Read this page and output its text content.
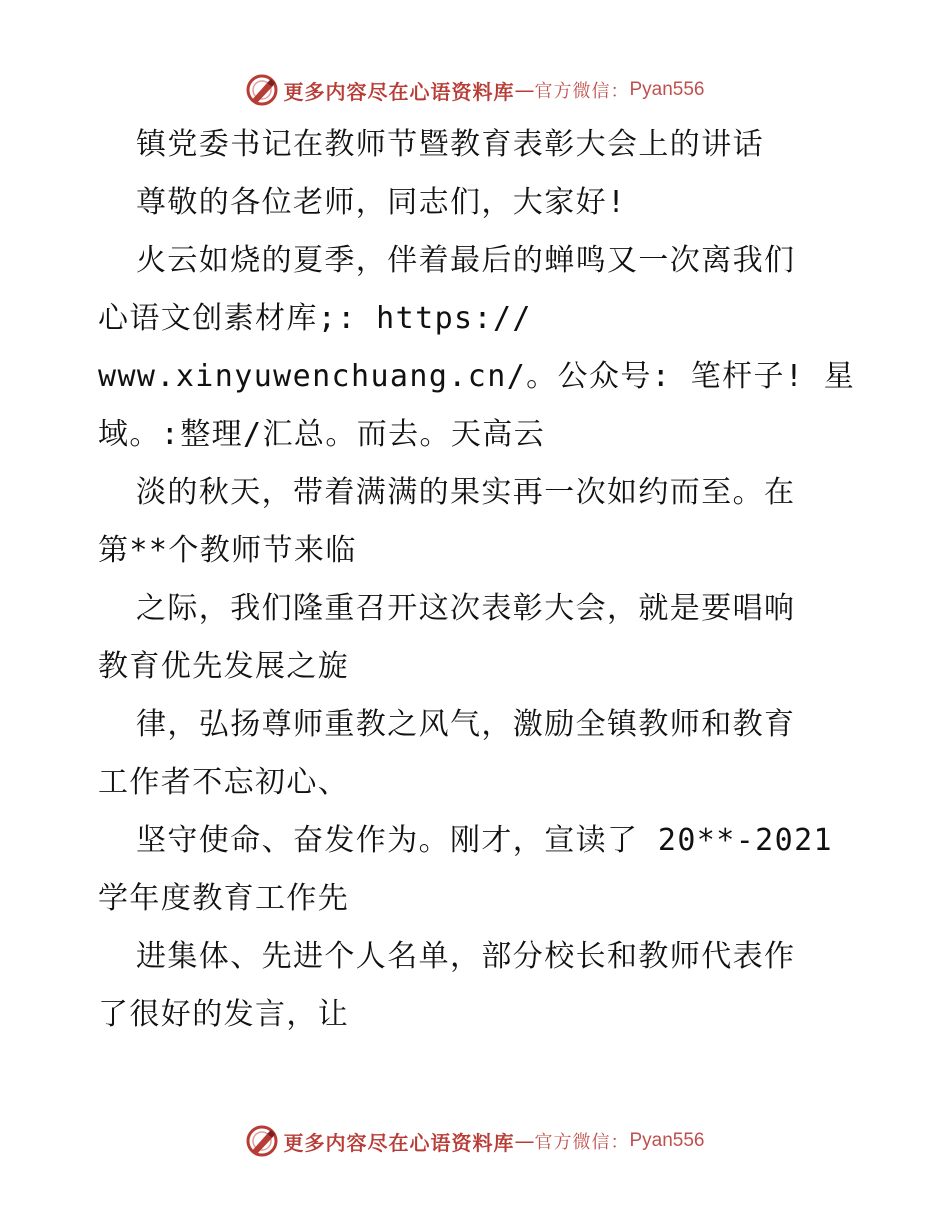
更多内容尽在心语资料库 — 官方微信： Pyan556
镇党委书记在教师节暨教育表彰大会上的讲话
尊敬的各位老师，同志们，大家好!
火云如烧的夏季，伴着最后的蝉鸣又一次离我们
心语文创素材库;: https://
www.xinyuwenchuang.cn/。公众号: 笔杆子! 星
域。:整理/汇总。而去。天高云
淡的秋天，带着满满的果实再一次如约而至。在
第**个教师节来临
之际，我们隆重召开这次表彰大会，就是要唱响
教育优先发展之旋
律，弘扬尊师重教之风气，激励全镇教师和教育
工作者不忘初心、
坚守使命、奋发作为。刚才，宣读了 20**-2021
学年度教育工作先
进集体、先进个人名单，部分校长和教师代表作
了很好的发言，让
更多内容尽在心语资料库 — 官方微信： Pyan556
